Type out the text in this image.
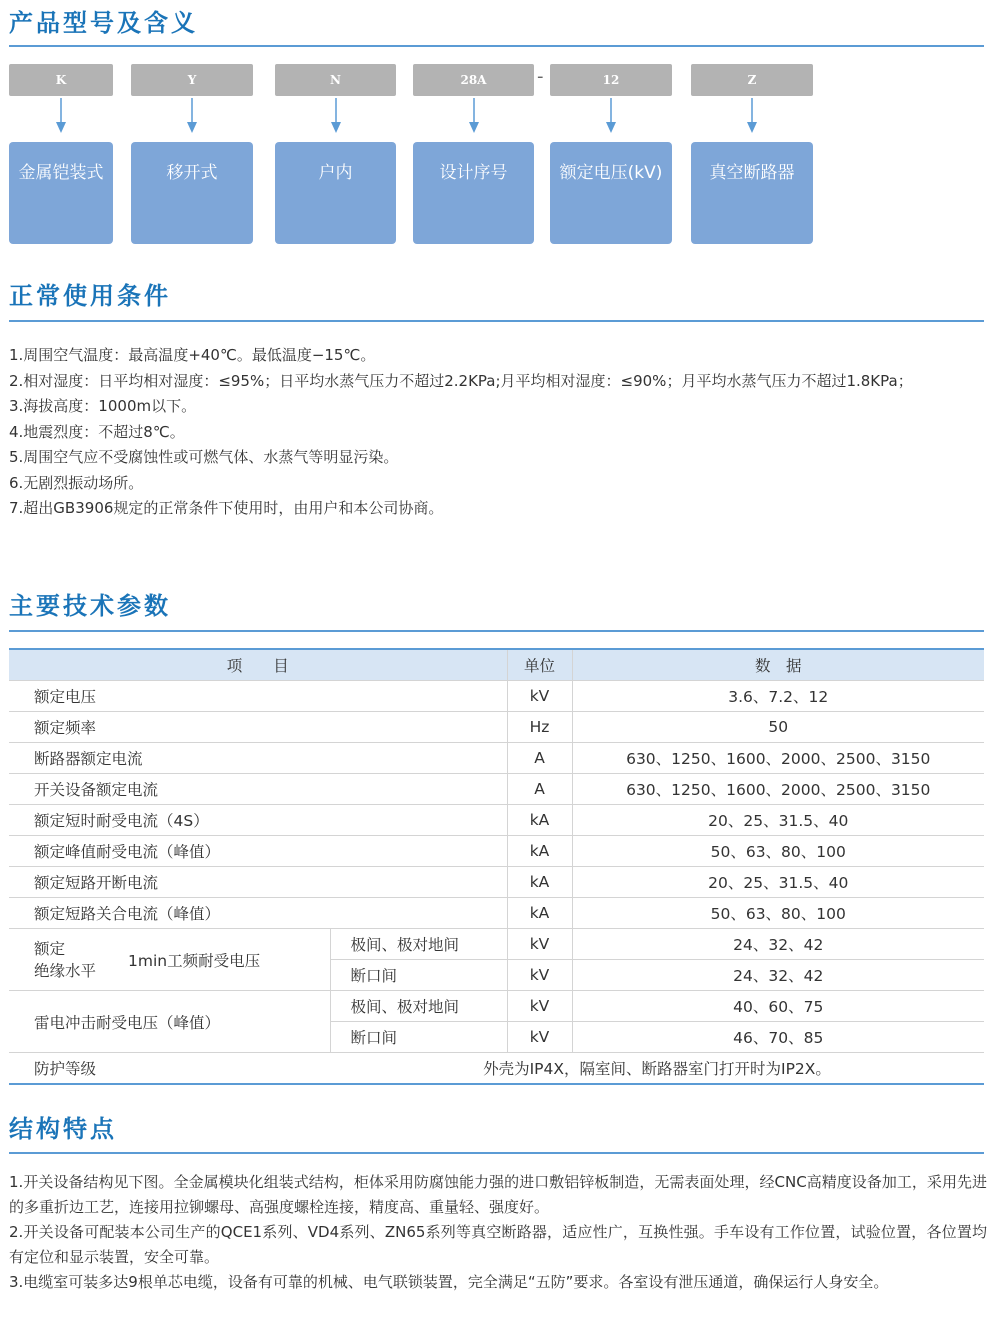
产品型号及含义
K	Y	N	28A	-	12	Z
金属铠装式	移开式	户内	设计序号	额定电压(kV)	真空断路器
正常使用条件

1.周围空气温度：最高温度+40℃。最低温度−15℃。

2.相对湿度：日平均相对湿度：≤95%；日平均水蒸气压力不超过2.2KPa;月平均相对湿度：≤90%；月平均水蒸气压力不超过1.8KPa；

3.海拔高度：1000m以下。

4.地震烈度：不超过8℃。

5.周围空气应不受腐蚀性或可燃气体、水蒸气等明显污染。

6.无剧烈振动场所。

7.超出GB3906规定的正常条件下使用时，由用户和本公司协商。

主要技术参数
项　　目		单位	数　据
额定电压		kV	3.6、7.2、12
额定频率		Hz	50
断路器额定电流		A	630、1250、1600、2000、2500、3150
开关设备额定电流		A	630、1250、1600、2000、2500、3150
额定短时耐受电流（4S）		kA	20、25、31.5、40
额定峰值耐受电流（峰值）		kA	50、63、80、100
额定短路开断电流		kA	20、25、31.5、40
额定短路关合电流（峰值）		kA	50、63、80、100

额定
绝缘水平
1min工频耐受电压	极间、极对地间	kV	24、32、42
	断口间	kV	24、32、42
雷电冲击耐受电压（峰值）	极间、极对地间	kV	40、60、75
	断口间	kV	46、70、85
防护等级	外壳为IP4X，隔室间、断路器室门打开时为IP2X。		
结构特点

1.开关设备结构见下图。全金属模块化组装式结构，柜体采用防腐蚀能力强的进口敷铝锌板制造，无需表面处理，经CNC高精度设备加工，采用先进的多重折边工艺，连接用拉铆螺母、高强度螺栓连接，精度高、重量轻、强度好。

2.开关设备可配装本公司生产的QCE1系列、VD4系列、ZN65系列等真空断路器，适应性广，互换性强。手车设有工作位置，试验位置，各位置均有定位和显示装置，安全可靠。

3.电缆室可装多达9根单芯电缆，设备有可靠的机械、电气联锁装置，完全满足“五防”要求。各室设有泄压通道，确保运行人身安全。
